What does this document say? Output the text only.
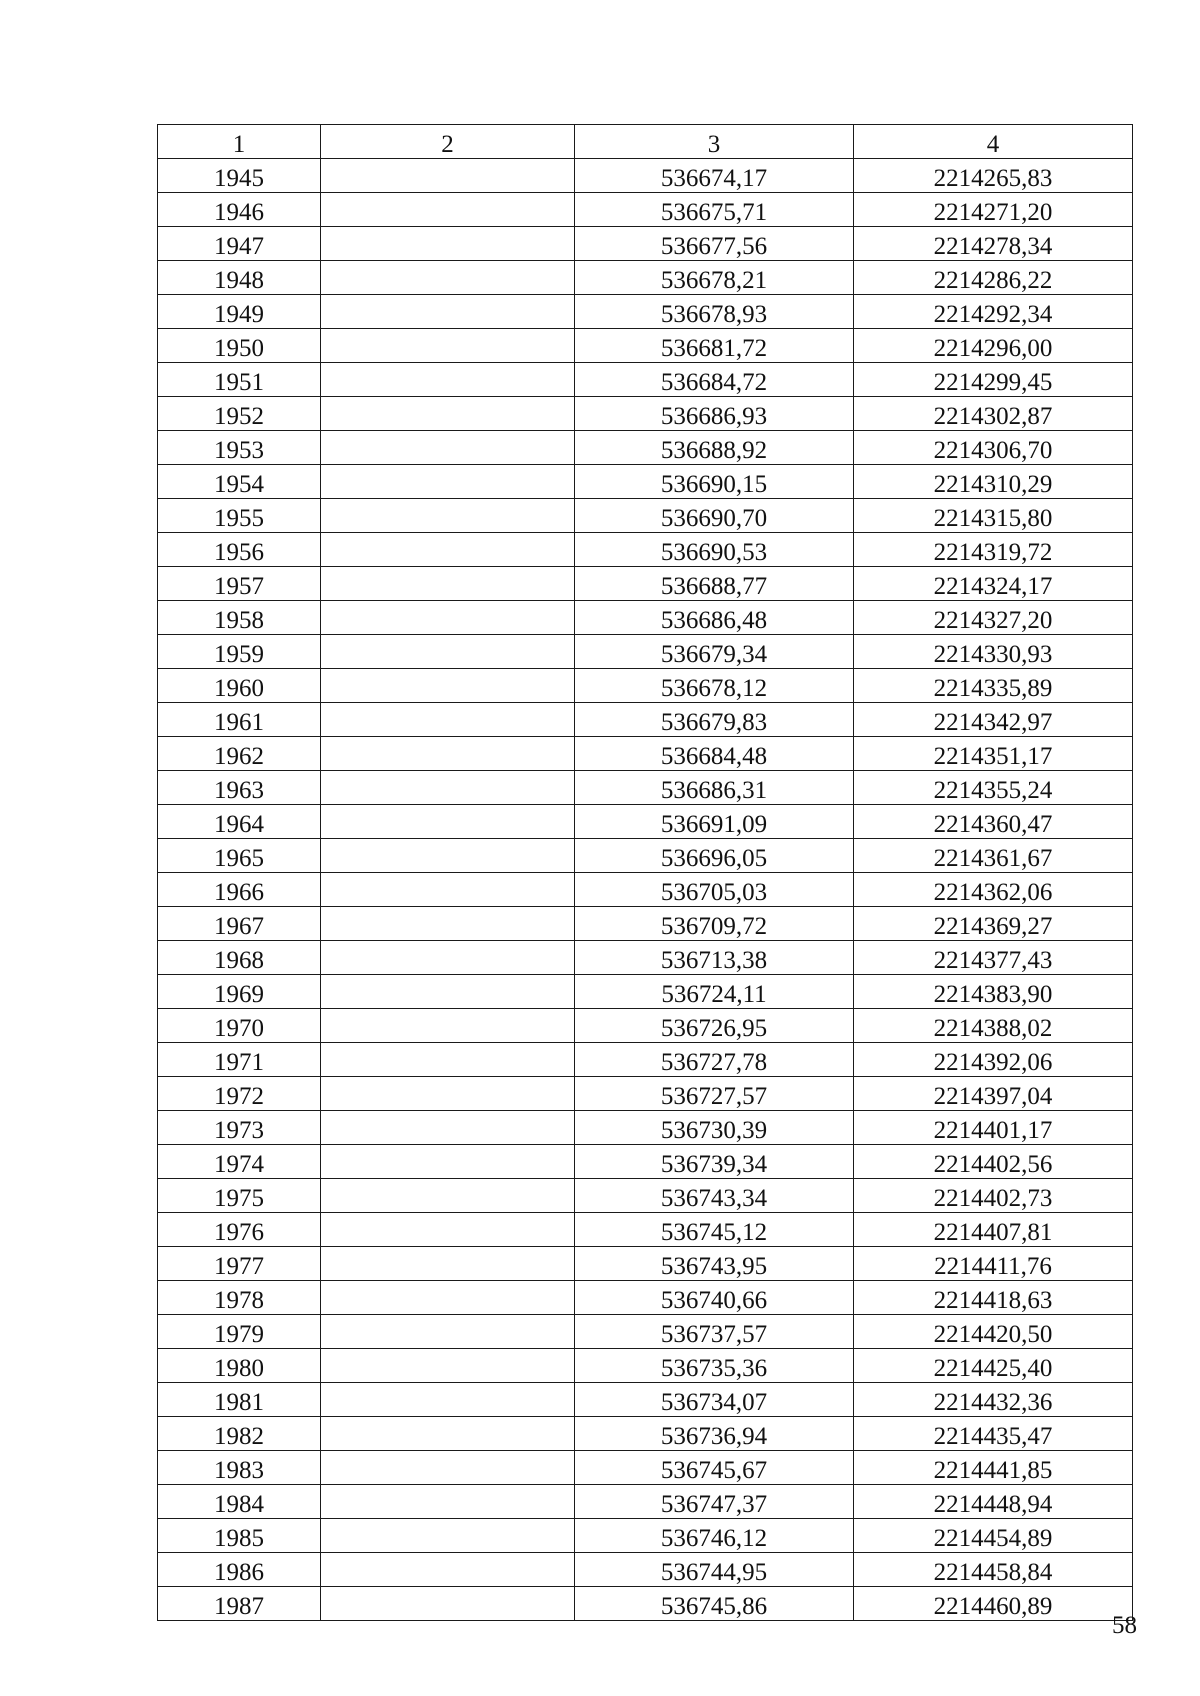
1	2	3	4
1945		536674,17	2214265,83
1946		536675,71	2214271,20
1947		536677,56	2214278,34
1948		536678,21	2214286,22
1949		536678,93	2214292,34
1950		536681,72	2214296,00
1951		536684,72	2214299,45
1952		536686,93	2214302,87
1953		536688,92	2214306,70
1954		536690,15	2214310,29
1955		536690,70	2214315,80
1956		536690,53	2214319,72
1957		536688,77	2214324,17
1958		536686,48	2214327,20
1959		536679,34	2214330,93
1960		536678,12	2214335,89
1961		536679,83	2214342,97
1962		536684,48	2214351,17
1963		536686,31	2214355,24
1964		536691,09	2214360,47
1965		536696,05	2214361,67
1966		536705,03	2214362,06
1967		536709,72	2214369,27
1968		536713,38	2214377,43
1969		536724,11	2214383,90
1970		536726,95	2214388,02
1971		536727,78	2214392,06
1972		536727,57	2214397,04
1973		536730,39	2214401,17
1974		536739,34	2214402,56
1975		536743,34	2214402,73
1976		536745,12	2214407,81
1977		536743,95	2214411,76
1978		536740,66	2214418,63
1979		536737,57	2214420,50
1980		536735,36	2214425,40
1981		536734,07	2214432,36
1982		536736,94	2214435,47
1983		536745,67	2214441,85
1984		536747,37	2214448,94
1985		536746,12	2214454,89
1986		536744,95	2214458,84
1987		536745,86	2214460,89
58
